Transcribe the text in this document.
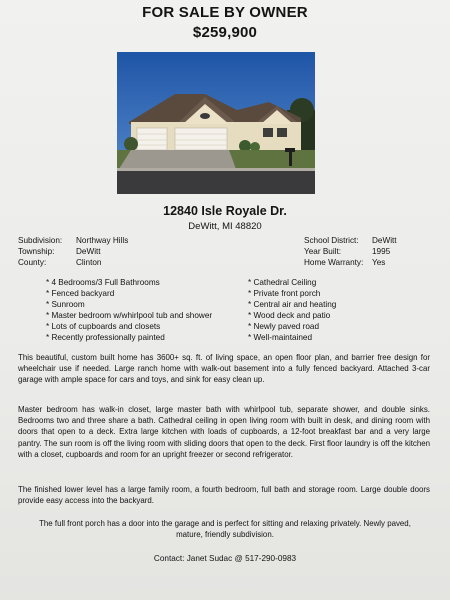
FOR SALE BY OWNER
$259,900
12840 Isle Royale Dr.
DeWitt, MI 48820
Subdivision:	Northway Hills
Township:	DeWitt
County:	Clinton
School District:	DeWitt
Year Built:	1995
Home Warranty:	Yes
* 4 Bedrooms/3 Full Bathrooms
* Fenced backyard
* Sunroom
* Master bedroom w/whirlpool tub and shower
* Lots of cupboards and closets
* Recently professionally painted
* Cathedral Ceiling
* Private front porch
* Central air and heating
* Wood deck and patio
* Newly paved road
* Well-maintained
This beautiful, custom built home has 3600+ sq. ft. of living space, an open floor plan, and barrier free design for wheelchair use if needed. Large ranch home with walk-out basement into a fully fenced backyard. Attached 3-car garage with ample space for cars and toys, and sink for easy clean up.
Master bedroom has walk-in closet, large master bath with whirlpool tub, separate shower, and double sinks. Bedrooms two and three share a bath. Cathedral ceiling in open living room with built in desk, and dining room with doors that open to a deck. Extra large kitchen with loads of cupboards, a 12-foot breakfast bar and a very large pantry. The sun room is off the living room with sliding doors that open to the deck. First floor laundry is off the kitchen with a closet, cupboards and room for an upright freezer or second refrigerator.
The finished lower level has a large family room, a fourth bedroom, full bath and storage room. Large double doors provide easy access into the backyard.
The full front porch has a door into the garage and is perfect for sitting and relaxing privately. Newly paved, mature, friendly subdivision.
Contact: Janet Sudac @ 517-290-0983
